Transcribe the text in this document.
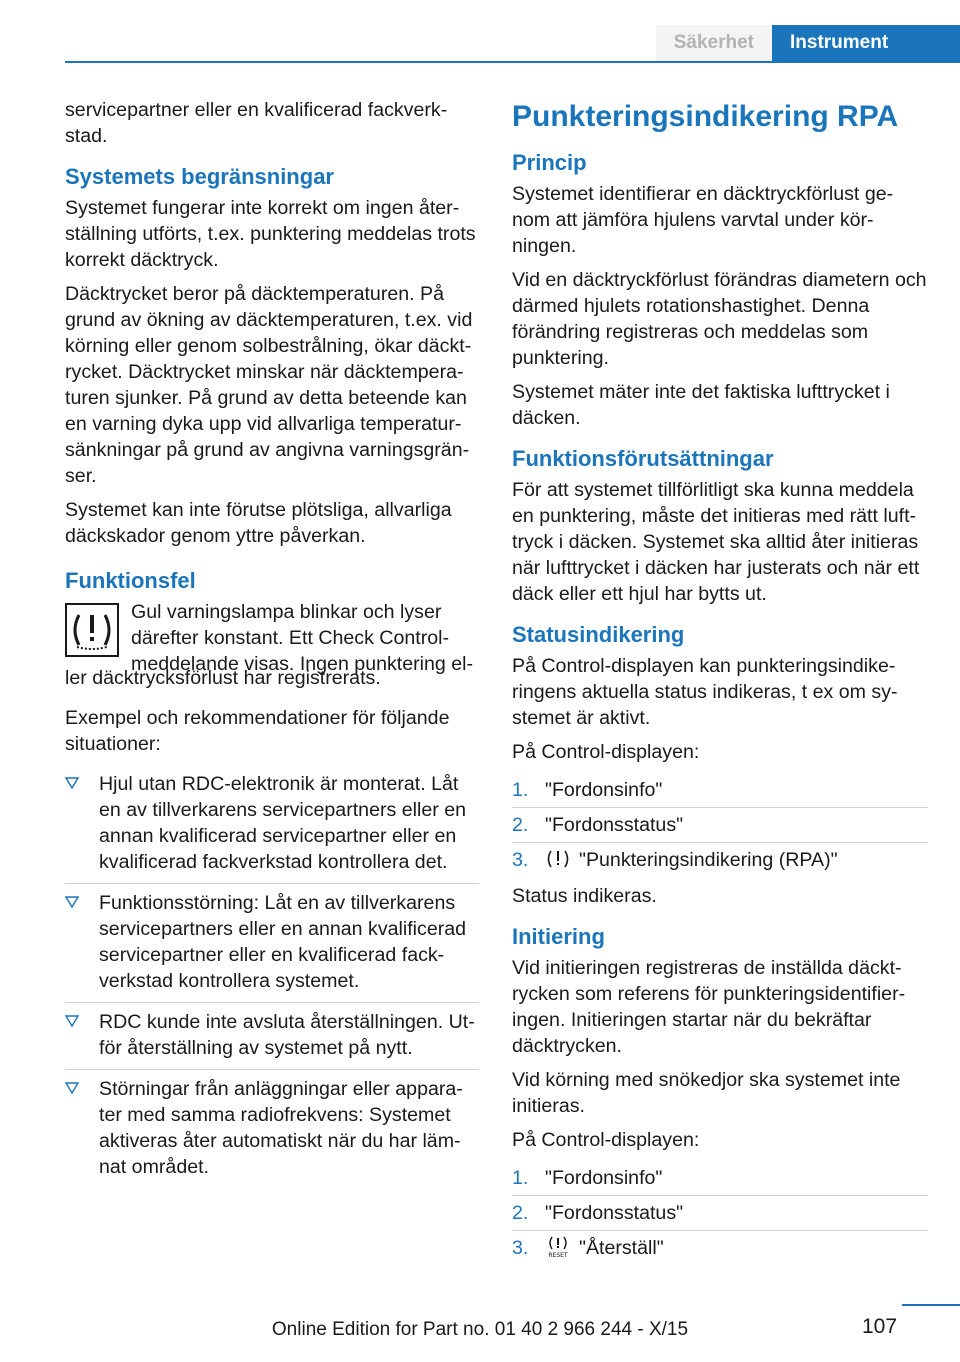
Säkerhet	Instrument

servicepartner eller en kvalificerad fackverk-stad.

Systemets begränsningar

Systemet fungerar inte korrekt om ingen åter-ställning utförts, t.ex. punktering meddelas trots korrekt däcktryck.

Däcktrycket beror på däcktemperaturen. På grund av ökning av däcktemperaturen, t.ex. vid körning eller genom solbestrålning, ökar däckt-rycket. Däcktrycket minskar när däcktempera-turen sjunker. På grund av detta beteende kan en varning dyka upp vid allvarliga temperatur-sänkningar på grund av angivna varningsgrän-ser.

Systemet kan inte förutse plötsliga, allvarliga däckskador genom yttre påverkan.

Funktionsfel

Gul varningslampa blinkar och lyser därefter konstant. Ett Check Control-meddelande visas. Ingen punktering el-

ler däcktrycksförlust har registrerats.

Exempel och rekommendationer för följande situationer:

Hjul utan RDC-elektronik är monterat. Låt en av tillverkarens servicepartners eller en annan kvalificerad servicepartner eller en kvalificerad fackverkstad kontrollera det.
Funktionsstörning: Låt en av tillverkarens servicepartners eller en annan kvalificerad servicepartner eller en kvalificerad fack-verkstad kontrollera systemet.
RDC kunde inte avsluta återställningen. Ut-för återställning av systemet på nytt.
Störningar från anläggningar eller appara-ter med samma radiofrekvens: Systemet aktiveras åter automatiskt när du har läm-nat området.
Punkteringsindikering RPA
Princip

Systemet identifierar en däcktryckförlust ge-nom att jämföra hjulens varvtal under kör-ningen.

Vid en däcktryckförlust förändras diametern och därmed hjulets rotationshastighet. Denna förändring registreras och meddelas som punktering.

Systemet mäter inte det faktiska lufttrycket i däcken.

Funktionsförutsättningar

För att systemet tillförlitligt ska kunna meddela en punktering, måste det initieras med rätt luft-tryck i däcken. Systemet ska alltid åter initieras när lufttrycket i däcken har justerats och när ett däck eller ett hjul har bytts ut.

Statusindikering

På Control-displayen kan punkteringsindike-ringens aktuella status indikeras, t ex om sy-stemet är aktivt.

På Control-displayen:

1. "Fordonsinfo"
2. "Fordonsstatus"
3.	"Punkteringsindikering (RPA)"

Status indikeras.

Initiering

Vid initieringen registreras de inställda däckt-rycken som referens för punkteringsidentifier-ingen. Initieringen startar när du bekräftar däcktrycken.

Vid körning med snökedjor ska systemet inte initieras.

På Control-displayen:

1. "Fordonsinfo"
2. "Fordonsstatus"
3.	RESET "Återställ"
107
Online Edition for Part no. 01 40 2 966 244 - X/15
